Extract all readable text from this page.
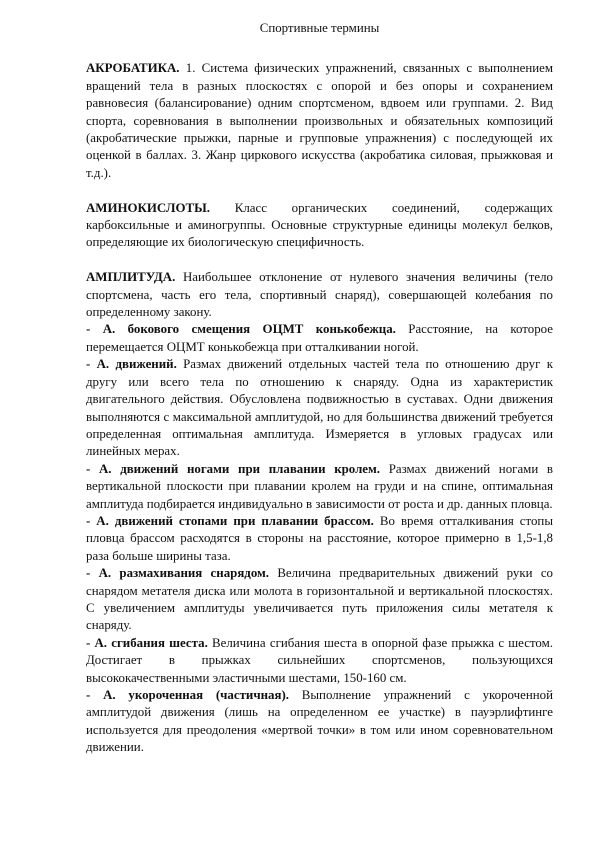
Спортивные термины

АКРОБАТИКА. 1. Система физических упражнений, связанных с выполнением вращений тела в разных плоскостях с опорой и без опоры и сохранением равновесия (балансирование) одним спортсменом, вдвоем или группами. 2. Вид спорта, соревнования в выполнении произвольных и обязательных композиций (акробатические прыжки, парные и групповые упражнения) с последующей их оценкой в баллах. 3. Жанр циркового искусства (акробатика силовая, прыжковая и т.д.).

АМИНОКИСЛОТЫ. Класс органических соединений, содержащих карбоксильные и аминогруппы. Основные структурные единицы молекул белков, определяющие их биологическую специфичность.

АМПЛИТУДА. Наибольшее отклонение от нулевого значения величины (тело спортсмена, часть его тела, спортивный снаряд), совершающей колебания по определенному закону.

- А. бокового смещения ОЦМТ конькобежца. Расстояние, на которое перемещается ОЦМТ конькобежца при отталкивании ногой.

- А. движений. Размах движений отдельных частей тела по отношению друг к другу или всего тела по отношению к снаряду. Одна из характеристик двигательного действия. Обусловлена подвижностью в суставах. Одни движения выполняются с максимальной амплитудой, но для большинства движений требуется определенная оптимальная амплитуда. Измеряется в угловых градусах или линейных мерах.

- А. движений ногами при плавании кролем. Размах движений ногами в вертикальной плоскости при плавании кролем на груди и на спине, оптимальная амплитуда подбирается индивидуально в зависимости от роста и др. данных пловца.

- А. движений стопами при плавании брассом. Во время отталкивания стопы пловца брассом расходятся в стороны на расстояние, которое примерно в 1,5-1,8 раза больше ширины таза.

- А. размахивания снарядом. Величина предварительных движений руки со снарядом метателя диска или молота в горизонтальной и вертикальной плоскостях. С увеличением амплитуды увеличивается путь приложения силы метателя к снаряду.

- А. сгибания шеста. Величина сгибания шеста в опорной фазе прыжка с шестом. Достигает в прыжках сильнейших спортсменов, пользующихся высококачественными эластичными шестами, 150-160 см.

- А. укороченная (частичная). Выполнение упражнений с укороченной амплитудой движения (лишь на определенном ее участке) в пауэрлифтинге используется для преодоления «мертвой точки» в том или ином соревновательном движении.
